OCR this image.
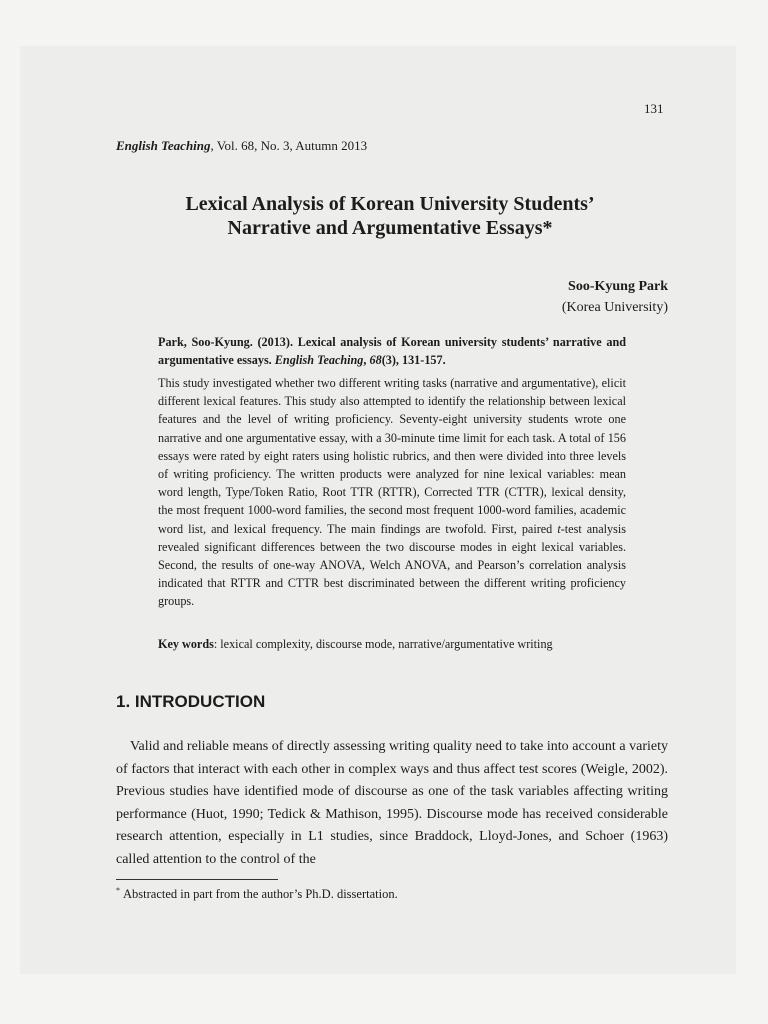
131
English Teaching, Vol. 68, No. 3, Autumn 2013
Lexical Analysis of Korean University Students’
Narrative and Argumentative Essays*
Soo-Kyung Park
(Korea University)
Park, Soo-Kyung. (2013). Lexical analysis of Korean university students’ narrative and argumentative essays. English Teaching, 68(3), 131-157.
This study investigated whether two different writing tasks (narrative and argumentative), elicit different lexical features. This study also attempted to identify the relationship between lexical features and the level of writing proficiency. Seventy-eight university students wrote one narrative and one argumentative essay, with a 30-minute time limit for each task. A total of 156 essays were rated by eight raters using holistic rubrics, and then were divided into three levels of writing proficiency. The written products were analyzed for nine lexical variables: mean word length, Type/Token Ratio, Root TTR (RTTR), Corrected TTR (CTTR), lexical density, the most frequent 1000-word families, the second most frequent 1000-word families, academic word list, and lexical frequency. The main findings are twofold. First, paired t-test analysis revealed significant differences between the two discourse modes in eight lexical variables. Second, the results of one-way ANOVA, Welch ANOVA, and Pearson’s correlation analysis indicated that RTTR and CTTR best discriminated between the different writing proficiency groups.
Key words: lexical complexity, discourse mode, narrative/argumentative writing
1. INTRODUCTION
Valid and reliable means of directly assessing writing quality need to take into account a variety of factors that interact with each other in complex ways and thus affect test scores (Weigle, 2002). Previous studies have identified mode of discourse as one of the task variables affecting writing performance (Huot, 1990; Tedick & Mathison, 1995). Discourse mode has received considerable research attention, especially in L1 studies, since Braddock, Lloyd-Jones, and Schoer (1963) called attention to the control of the
* Abstracted in part from the author’s Ph.D. dissertation.
